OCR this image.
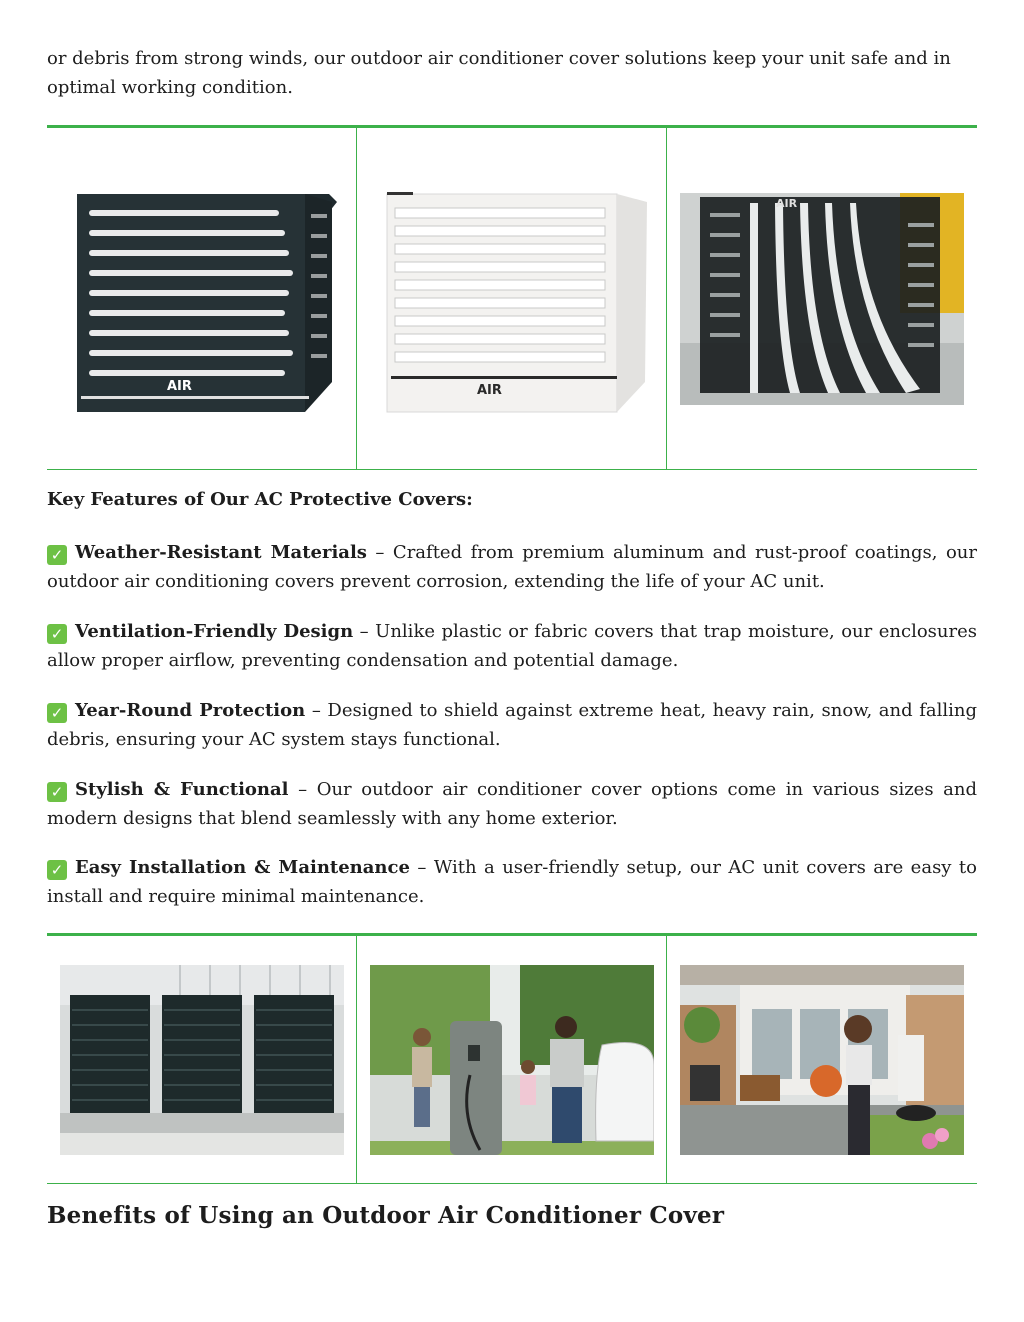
or debris from strong winds, our outdoor air conditioner cover solutions keep your unit safe and in optimal working condition.

AIR	AIR
AIR
Key Features of Our AC Protective Covers:

✓ Weather-Resistant Materials – Crafted from premium aluminum and rust-proof coatings, our outdoor air conditioning covers prevent corrosion, extending the life of your AC unit.

✓ Ventilation-Friendly Design – Unlike plastic or fabric covers that trap moisture, our enclosures allow proper airflow, preventing condensation and potential damage.

✓ Year-Round Protection – Designed to shield against extreme heat, heavy rain, snow, and falling debris, ensuring your AC system stays functional.

✓ Stylish & Functional – Our outdoor air conditioner cover options come in various sizes and modern designs that blend seamlessly with any home exterior.

✓ Easy Installation & Maintenance – With a user-friendly setup, our AC unit covers are easy to install and require minimal maintenance.

Benefits of Using an Outdoor Air Conditioner Cover
